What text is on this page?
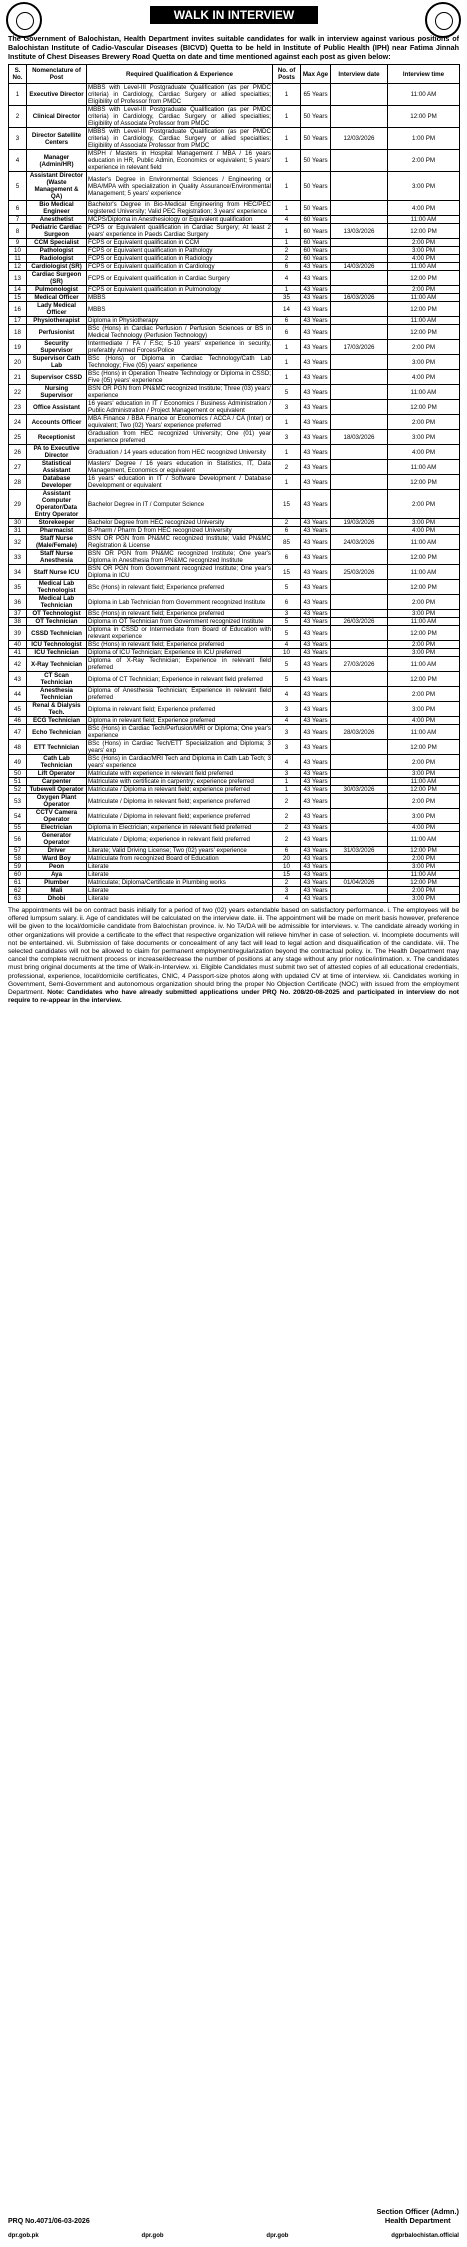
WALK IN INTERVIEW
The Government of Balochistan, Health Department invites suitable candidates for walk in interview against various positions of Balochistan Institute of Cadio-Vascular Diseases (BICVD) Quetta to be held in Institute of Public Health (IPH) near Fatima Jinnah Institute of Chest Diseases Brewery Road Quetta on date and time mentioned against each post as given below:
S. No.	Nomenclature of Post	Required Qualification & Experience	No. of Posts	Max Age	Interview date	Interview time
1	Executive Director	MBBS with Level-III Postgraduate Qualification (as per PMDC criteria) in Cardiology, Cardiac Surgery or allied specialties; Eligibility of Professor from PMDC	1	65 Years		11:00 AM
2	Clinical Director	MBBS with Level-III Postgraduate Qualification (as per PMDC criteria) in Cardiology, Cardiac Surgery or allied specialties; Eligibility of Associate Professor from PMDC	1	50 Years		12:00 PM
3	Director Satellite Centers	MBBS with Level-III Postgraduate Qualification (as per PMDC criteria) in Cardiology, Cardiac Surgery or allied specialties; Eligibility of Associate Professor from PMDC	1	50 Years	12/03/2026	1:00 PM
4	Manager (Admin/HR)	MSPH / Masters in Hospital Management / MBA / 16 years education in HR, Public Admin, Economics or equivalent; 5 years' experience in relevant field	1	50 Years		2:00 PM
5	Assistant Director (Waste Management & QA)	Master's Degree in Environmental Sciences / Engineering or MBA/MPA with specialization in Quality Assurance/Environmental Management; 5 years' experience	1	50 Years		3:00 PM
6	Bio Medical Engineer	Bachelor's Degree in Bio-Medical Engineering from HEC/PEC registered University; Valid PEC Registration; 3 years' experience	1	50 Years		4:00 PM
7	Anesthetist	MCPS/Diploma in Anesthesiology or Equivalent qualification	4	60 Years		11:00 AM
8	Pediatric Cardiac Surgeon	FCPS or Equivalent qualification in Cardiac Surgery; At least 2 years' experience in Paeds Cardiac Surgery	1	60 Years	13/03/2026	12:00 PM
9	CCM Specialist	FCPS or Equivalent qualification in CCM	1	60 Years		2:00 PM
10	Pathologist	FCPS or Equivalent qualification in Pathology	2	60 Years		3:00 PM
11	Radiologist	FCPS or Equivalent qualification in Radiology	2	60 Years		4:00 PM
12	Cardiologist (SR)	FCPS or Equivalent qualification in Cardiology	6	43 Years	14/03/2026	11:00 AM
13	Cardiac Surgeon (SR)	FCPS or Equivalent qualification in Cardiac Surgery	4	43 Years		12:00 PM
14	Pulmonologist	FCPS or Equivalent qualification in Pulmonology	1	43 Years		2:00 PM
15	Medical Officer	MBBS	35	43 Years	16/03/2026	11:00 AM
16	Lady Medical Officer	MBBS	14	43 Years		12:00 PM
17	Physiotherapist	Diploma in Physiotherapy	6	43 Years		11:00 AM
18	Perfusionist	BSc (Hons) in Cardiac Perfusion / Perfusion Sciences or BS in Medical Technology (Perfusion Technology)	6	43 Years		12:00 PM
19	Security Supervisor	Intermediate / FA / F.Sc; 5-10 years' experience in security, preferably Armed Forces/Police	1	43 Years	17/03/2026	2:00 PM
20	Supervisor Cath Lab	BSc (Hons) or Diploma in Cardiac Technology/Cath Lab Technology; Five (05) years' experience	1	43 Years		3:00 PM
21	Supervisor CSSD	BSc (Hons) in Operation Theatre Technology or Diploma in CSSD; Five (05) years' experience	1	43 Years		4:00 PM
22	Nursing Supervisor	BSN OR PGN from PN&MC recognized Institute; Three (03) years' experience	5	43 Years		11:00 AM
23	Office Assistant	16 years' education in IT / Economics / Business Administration / Public Administration / Project Management or equivalent	3	43 Years		12:00 PM
24	Accounts Officer	MBA Finance / BBA Finance or Economics / ACCA / CA (Inter) or equivalent; Two (02) Years' experience preferred	1	43 Years		2:00 PM
25	Receptionist	Graduation from HEC recognized University; One (01) year experience preferred	3	43 Years	18/03/2026	3:00 PM
26	PA to Executive Director	Graduation / 14 years education from HEC recognized University	1	43 Years		4:00 PM
27	Statistical Assistant	Masters' Degree / 16 years education in Statistics, IT, Data Management, Economics or equivalent	2	43 Years		11:00 AM
28	Database Developer	16 years' education in IT / Software Development / Database Development or equivalent	1	43 Years		12:00 PM
29	Assistant Computer Operator/Data Entry Operator	Bachelor Degree in IT / Computer Science	15	43 Years		2:00 PM
30	Storekeeper	Bachelor Degree from HEC recognized University	2	43 Years	19/03/2026	3:00 PM
31	Pharmacist	B-Pharm / Pharm D from HEC recognized University	6	43 Years		4:00 PM
32	Staff Nurse (Male/Female)	BSN OR PGN from PN&MC recognized Institute; Valid PN&MC Registration & License	85	43 Years	24/03/2026	11:00 AM
33	Staff Nurse Anesthesia	BSN OR PGN from PN&MC recognized Institute; One year's Diploma in Anesthesia from PN&MC recognized Institute	6	43 Years		12:00 PM
34	Staff Nurse ICU	BSN OR PGN from Government recognized Institute; One year's Diploma in ICU	15	43 Years	25/03/2026	11:00 AM
35	Medical Lab Technologist	BSc (Hons) in relevant field; Experience preferred	5	43 Years		12:00 PM
36	Medical Lab Technician	Diploma in Lab Technician from Government recognized Institute	6	43 Years		2:00 PM
37	OT Technologist	BSc (Hons) in relevant field; Experience preferred	3	43 Years		3:00 PM
38	OT Technician	Diploma in OT Technician from Government recognized Institute	5	43 Years	26/03/2026	11:00 AM
39	CSSD Technician	Diploma in CSSD or Intermediate from Board of Education with relevant experience	5	43 Years		12:00 PM
40	ICU Technologist	BSc (Hons) in relevant field; Experience preferred	4	43 Years		2:00 PM
41	ICU Technician	Diploma of ICU Technician; Experience in ICU preferred	10	43 Years		3:00 PM
42	X-Ray Technician	Diploma of X-Ray Technician; Experience in relevant field preferred	5	43 Years	27/03/2026	11:00 AM
43	CT Scan Technician	Diploma of CT Technician; Experience in relevant field preferred	5	43 Years		12:00 PM
44	Anesthesia Technician	Diploma of Anesthesia Technician; Experience in relevant field preferred	4	43 Years		2:00 PM
45	Renal & Dialysis Tech.	Diploma in relevant field; Experience preferred	3	43 Years		3:00 PM
46	ECG Technician	Diploma in relevant field; Experience preferred	4	43 Years		4:00 PM
47	Echo Technician	BSc (Hons) in Cardiac Tech/Perfusion/MRI or Diploma; One year's experience	3	43 Years	28/03/2026	11:00 AM
48	ETT Technician	BSc (Hons) in Cardiac Tech/ETT Specialization and Diploma; 3 years' exp	3	43 Years		12:00 PM
49	Cath Lab Technician	BSc (Hons) in Cardiac/MRI Tech and Diploma in Cath Lab Tech; 3 years' experience	4	43 Years		2:00 PM
50	Lift Operator	Matriculate with experience in relevant field preferred	3	43 Years		3:00 PM
51	Carpenter	Matriculate with certificate in carpentry; experience preferred	1	43 Years		11:00 AM
52	Tubewell Operator	Matriculate / Diploma in relevant field; experience preferred	1	43 Years	30/03/2026	12:00 PM
53	Oxygen Plant Operator	Matriculate / Diploma in relevant field; experience preferred	2	43 Years		2:00 PM
54	CCTV Camera Operator	Matriculate / Diploma in relevant field; experience preferred	2	43 Years		3:00 PM
55	Electrician	Diploma in Electrician; experience in relevant field preferred	2	43 Years		4:00 PM
56	Generator Operator	Matriculate / Diploma; experience in relevant field preferred	2	43 Years		11:00 AM
57	Driver	Literate; Valid Driving License; Two (02) years' experience	6	43 Years	31/03/2026	12:00 PM
58	Ward Boy	Matriculate from recognized Board of Education	20	43 Years		2:00 PM
59	Peon	Literate	10	43 Years		3:00 PM
60	Aya	Literate	15	43 Years		11:00 AM
61	Plumber	Matriculate; Diploma/Certificate in Plumbing works	2	43 Years	01/04/2026	12:00 PM
62	Mali	Literate	3	43 Years		2:00 PM
63	Dhobi	Literate	4	43 Years		3:00 PM
The appointments will be on contract basis initially for a period of two (02) years extendable based on satisfactory performance. i. The employees will be offered lumpsum salary. ii. Age of candidates will be calculated on the interview date. iii. The appointment will be made on merit basis however, preference will be given to the local/domicile candidate from Balochistan province. iv. No TA/DA will be admissible for interviews. v. The candidate already working in other organizations will provide a certificate to the effect that respective organization will relieve him/her in case of selection. vi. Incomplete documents will not be entertained. vii. Submission of fake documents or concealment of any fact will lead to legal action and disqualification of the candidate. viii. The selected candidates will not be allowed to claim for permanent employment/regularization beyond the contractual policy. ix. The Health Department may cancel the complete recruitment process or increase/decrease the number of positions at any stage without any prior notice/intimation. x. The candidates must bring original documents at the time of Walk-in-Interview. xi. Eligible Candidates must submit two set of attested copies of all educational credentials, professional, experience, local/domicile certificates, CNIC, 4 Passport-size photos along with updated CV at time of interview. xii. Candidates working in Government, Semi-Government and autonomous organization should bring the proper No Objection Certificate (NOC) with issued from the employment Department. Note: Candidates who have already submitted applications under PRQ No. 208/20-08-2025 and participated in interview do not require to re-appear in the interview.
PRQ No.4071/06-03-2026
Section Officer (Admn.)
Health Department
dpr.gob.pk	dpr.gob	dpr.gob	dgprbalochistan.official
